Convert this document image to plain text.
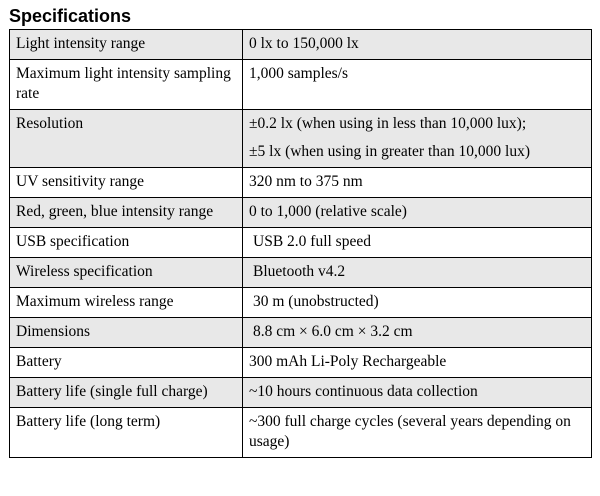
Specifications
Light intensity range	0 lx to 150,000 lx
Maximum light intensity sampling rate	1,000 samples/s
Resolution	±0.2 lx (when using in less than 10,000 lux);
±5 lx (when using in greater than 10,000 lux)

UV sensitivity range	320 nm to 375 nm
Red, green, blue intensity range	0 to 1,000 (relative scale)
USB specification	USB 2.0 full speed
Wireless specification	Bluetooth v4.2
Maximum wireless range	30 m (unobstructed)
Dimensions	8.8 cm × 6.0 cm × 3.2 cm
Battery	300 mAh Li-Poly Rechargeable
Battery life (single full charge)	~10 hours continuous data collection
Battery life (long term)	~300 full charge cycles (several years depending on usage)
